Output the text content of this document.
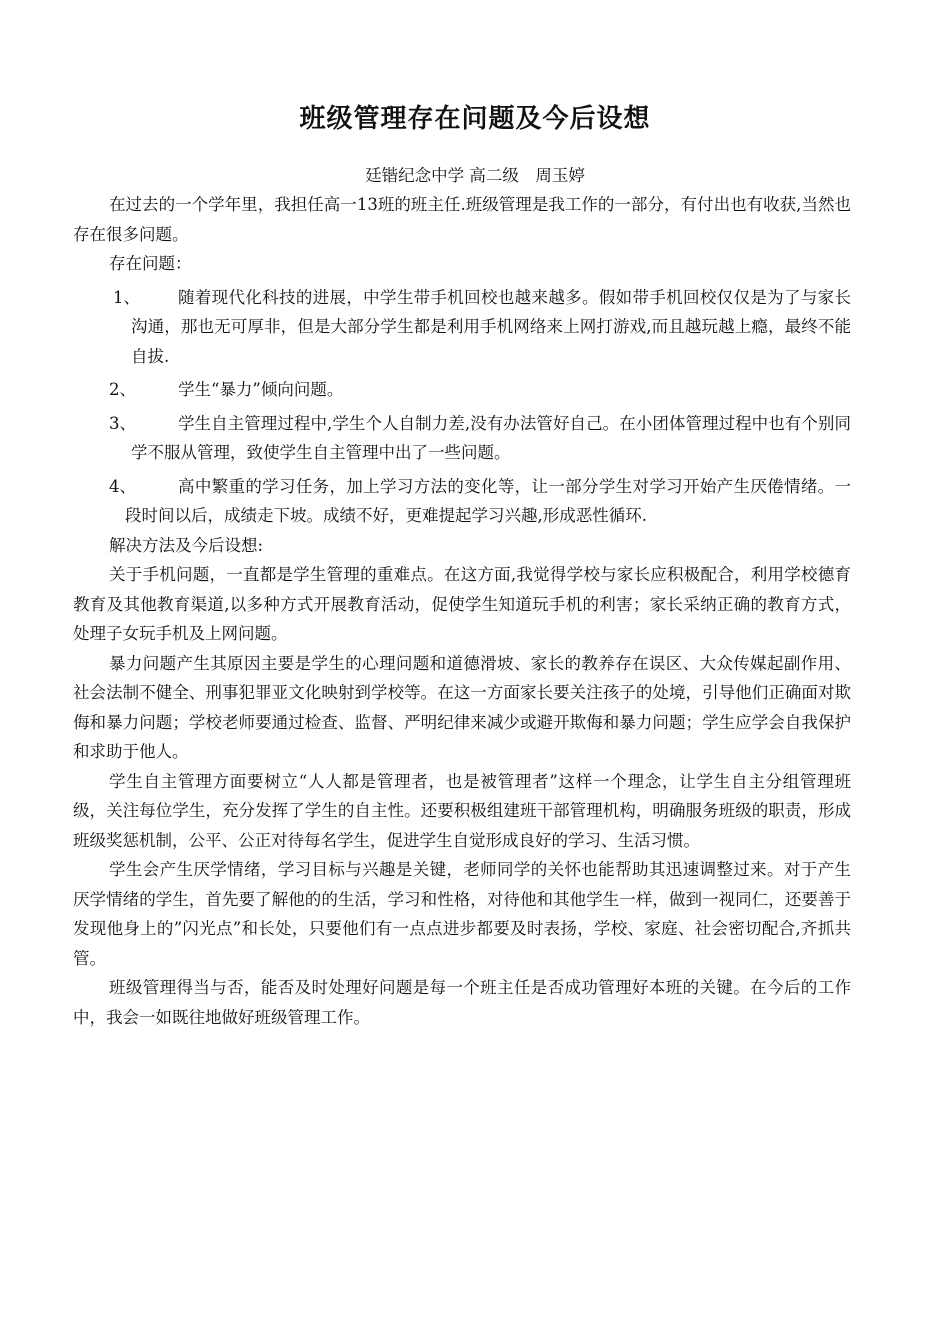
班级管理存在问题及今后设想
廷锴纪念中学 高二级　周玉婷

在过去的一个学年里，我担任高一13班的班主任.班级管理是我工作的一部分，有付出也有收获,当然也存在很多问题。

存在问题：

1、	随着现代化科技的进展，中学生带手机回校也越来越多。假如带手机回校仅仅是为了与家长沟通，那也无可厚非，但是大部分学生都是利用手机网络来上网打游戏,而且越玩越上瘾，最终不能自拔.
2、	学生“暴力”倾向问题。
3、	学生自主管理过程中,学生个人自制力差,没有办法管好自己。在小团体管理过程中也有个别同学不服从管理，致使学生自主管理中出了一些问题。
4、	高中繁重的学习任务，加上学习方法的变化等，让一部分学生对学习开始产生厌倦情绪。一段时间以后，成绩走下坡。成绩不好，更难提起学习兴趣,形成恶性循环.

解决方法及今后设想:

关于手机问题，一直都是学生管理的重难点。在这方面,我觉得学校与家长应积极配合，利用学校德育教育及其他教育渠道,以多种方式开展教育活动，促使学生知道玩手机的利害；家长采纳正确的教育方式，处理子女玩手机及上网问题。

暴力问题产生其原因主要是学生的心理问题和道德滑坡、家长的教养存在误区、大众传媒起副作用、社会法制不健全、刑事犯罪亚文化映射到学校等。在这一方面家长要关注孩子的处境，引导他们正确面对欺侮和暴力问题；学校老师要通过检查、监督、严明纪律来减少或避开欺侮和暴力问题；学生应学会自我保护和求助于他人。

学生自主管理方面要树立“人人都是管理者，也是被管理者”这样一个理念，让学生自主分组管理班级，关注每位学生，充分发挥了学生的自主性。还要积极组建班干部管理机构，明确服务班级的职责，形成班级奖惩机制，公平、公正对待每名学生，促进学生自觉形成良好的学习、生活习惯。

学生会产生厌学情绪，学习目标与兴趣是关键，老师同学的关怀也能帮助其迅速调整过来。对于产生厌学情绪的学生，首先要了解他的的生活，学习和性格，对待他和其他学生一样，做到一视同仁，还要善于发现他身上的”闪光点”和长处，只要他们有一点点进步都要及时表扬，学校、家庭、社会密切配合,齐抓共管。

班级管理得当与否，能否及时处理好问题是每一个班主任是否成功管理好本班的关键。在今后的工作中，我会一如既往地做好班级管理工作。
